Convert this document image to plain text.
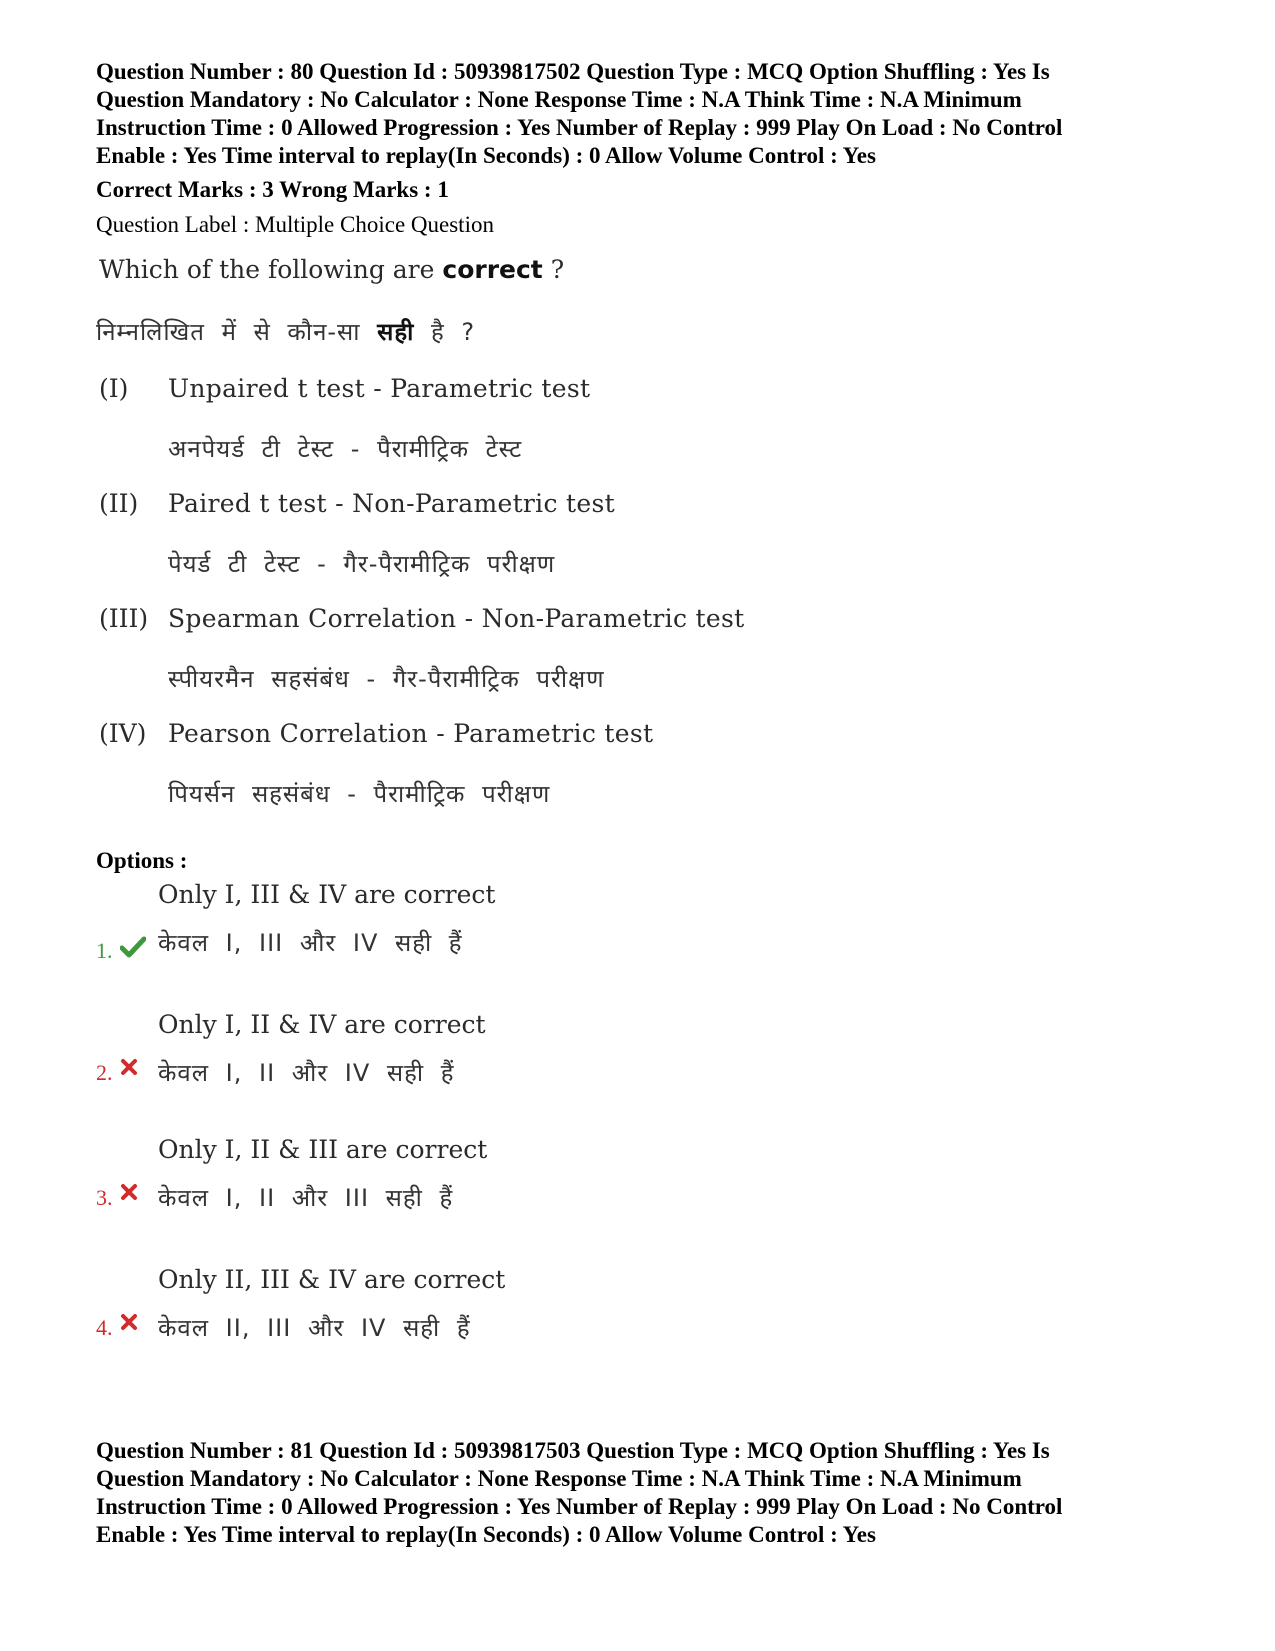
Question Number : 80 Question Id : 50939817502 Question Type : MCQ Option Shuffling : Yes Is

Question Mandatory : No Calculator : None Response Time : N.A Think Time : N.A Minimum

Instruction Time : 0 Allowed Progression : Yes Number of Replay : 999 Play On Load : No Control

Enable : Yes Time interval to replay(In Seconds) : 0 Allow Volume Control : Yes

Correct Marks : 3 Wrong Marks : 1

Question Label : Multiple Choice Question

Which of the following are correct ?

निम्नलिखित में से कौन-सा सही है ?

(I) Unpaired t test - Parametric test
अनपेयर्ड टी टेस्ट - पैरामीट्रिक टेस्ट
(II) Paired t test - Non-Parametric test
पेयर्ड टी टेस्ट - गैर-पैरामीट्रिक परीक्षण
(III) Spearman Correlation - Non-Parametric test
स्पीयरमैन सहसंबंध - गैर-पैरामीट्रिक परीक्षण
(IV) Pearson Correlation - Parametric test
पियर्सन सहसंबंध - पैरामीट्रिक परीक्षण

Options :

Only I, III & IV are correct
केवल I, III और IV सही हैं
1.
Only I, II & IV are correct
केवल I, II और IV सही हैं
2.
Only I, II & III are correct
केवल I, II और III सही हैं
3.
Only II, III & IV are correct
केवल II, III और IV सही हैं
4.

Question Number : 81 Question Id : 50939817503 Question Type : MCQ Option Shuffling : Yes Is

Question Mandatory : No Calculator : None Response Time : N.A Think Time : N.A Minimum

Instruction Time : 0 Allowed Progression : Yes Number of Replay : 999 Play On Load : No Control

Enable : Yes Time interval to replay(In Seconds) : 0 Allow Volume Control : Yes
